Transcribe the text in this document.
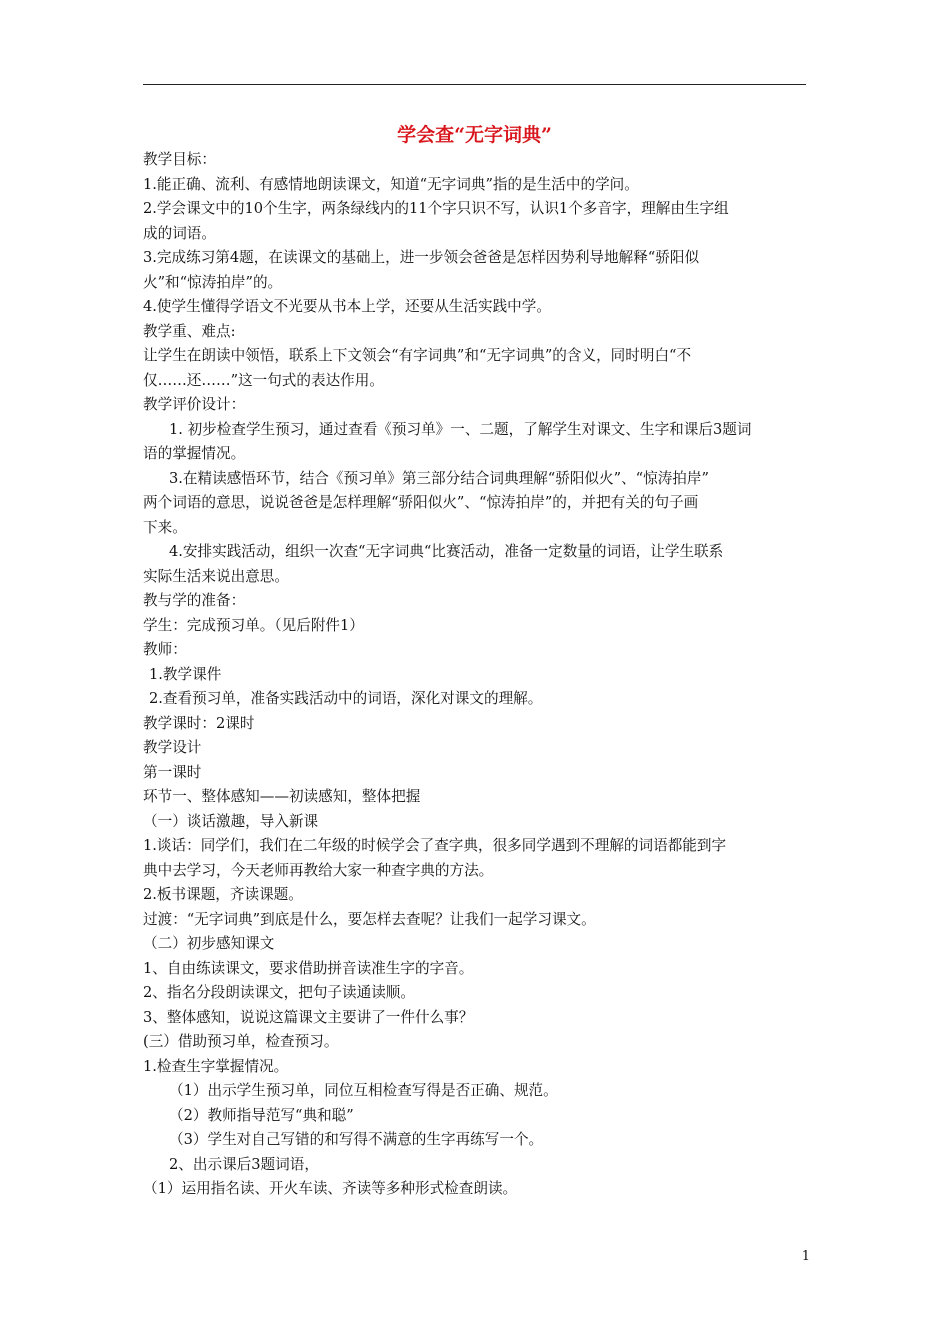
学会查“无字词典”
教学目标：
1.能正确、流利、有感情地朗读课文，知道“无字词典”指的是生活中的学问。
2.学会课文中的10个生字，两条绿线内的11个字只识不写，认识1个多音字，理解由生字组
成的词语。
3.完成练习第4题，在读课文的基础上，进一步领会爸爸是怎样因势利导地解释“骄阳似
火”和“惊涛拍岸”的。
4.使学生懂得学语文不光要从书本上学，还要从生活实践中学。
教学重、难点:
让学生在朗读中领悟，联系上下文领会“有字词典”和“无字词典”的含义，同时明白“不
仅……还……”这一句式的表达作用。
教学评价设计：
1. 初步检查学生预习，通过查看《预习单》一、二题，了解学生对课文、生字和课后3题词
语的掌握情况。
3.在精读感悟环节，结合《预习单》第三部分结合词典理解“骄阳似火”、“惊涛拍岸”
两个词语的意思，说说爸爸是怎样理解“骄阳似火”、“惊涛拍岸”的，并把有关的句子画
下来。
4.安排实践活动，组织一次查“无字词典“比赛活动，准备一定数量的词语，让学生联系
实际生活来说出意思。
教与学的准备：
学生：完成预习单。（见后附件1）
教师：
1.教学课件
2.查看预习单，准备实践活动中的词语，深化对课文的理解。
教学课时：2课时
教学设计
第一课时
环节一、整体感知——初读感知，整体把握
（一）谈话激趣，导入新课
1.谈话：同学们，我们在二年级的时候学会了查字典，很多同学遇到不理解的词语都能到字
典中去学习，今天老师再教给大家一种查字典的方法。
2.板书课题，齐读课题。
过渡：“无字词典”到底是什么，要怎样去查呢？让我们一起学习课文。
（二）初步感知课文
1、自由练读课文，要求借助拼音读准生字的字音。
2、指名分段朗读课文，把句子读通读顺。
3、整体感知，说说这篇课文主要讲了一件什么事？
(三）借助预习单，检查预习。
1.检查生字掌握情况。
（1）出示学生预习单，同位互相检查写得是否正确、规范。
（2）教师指导范写“典和聪”
（3）学生对自己写错的和写得不满意的生字再练写一个。
2、出示课后3题词语，
（1）运用指名读、开火车读、齐读等多种形式检查朗读。
1
